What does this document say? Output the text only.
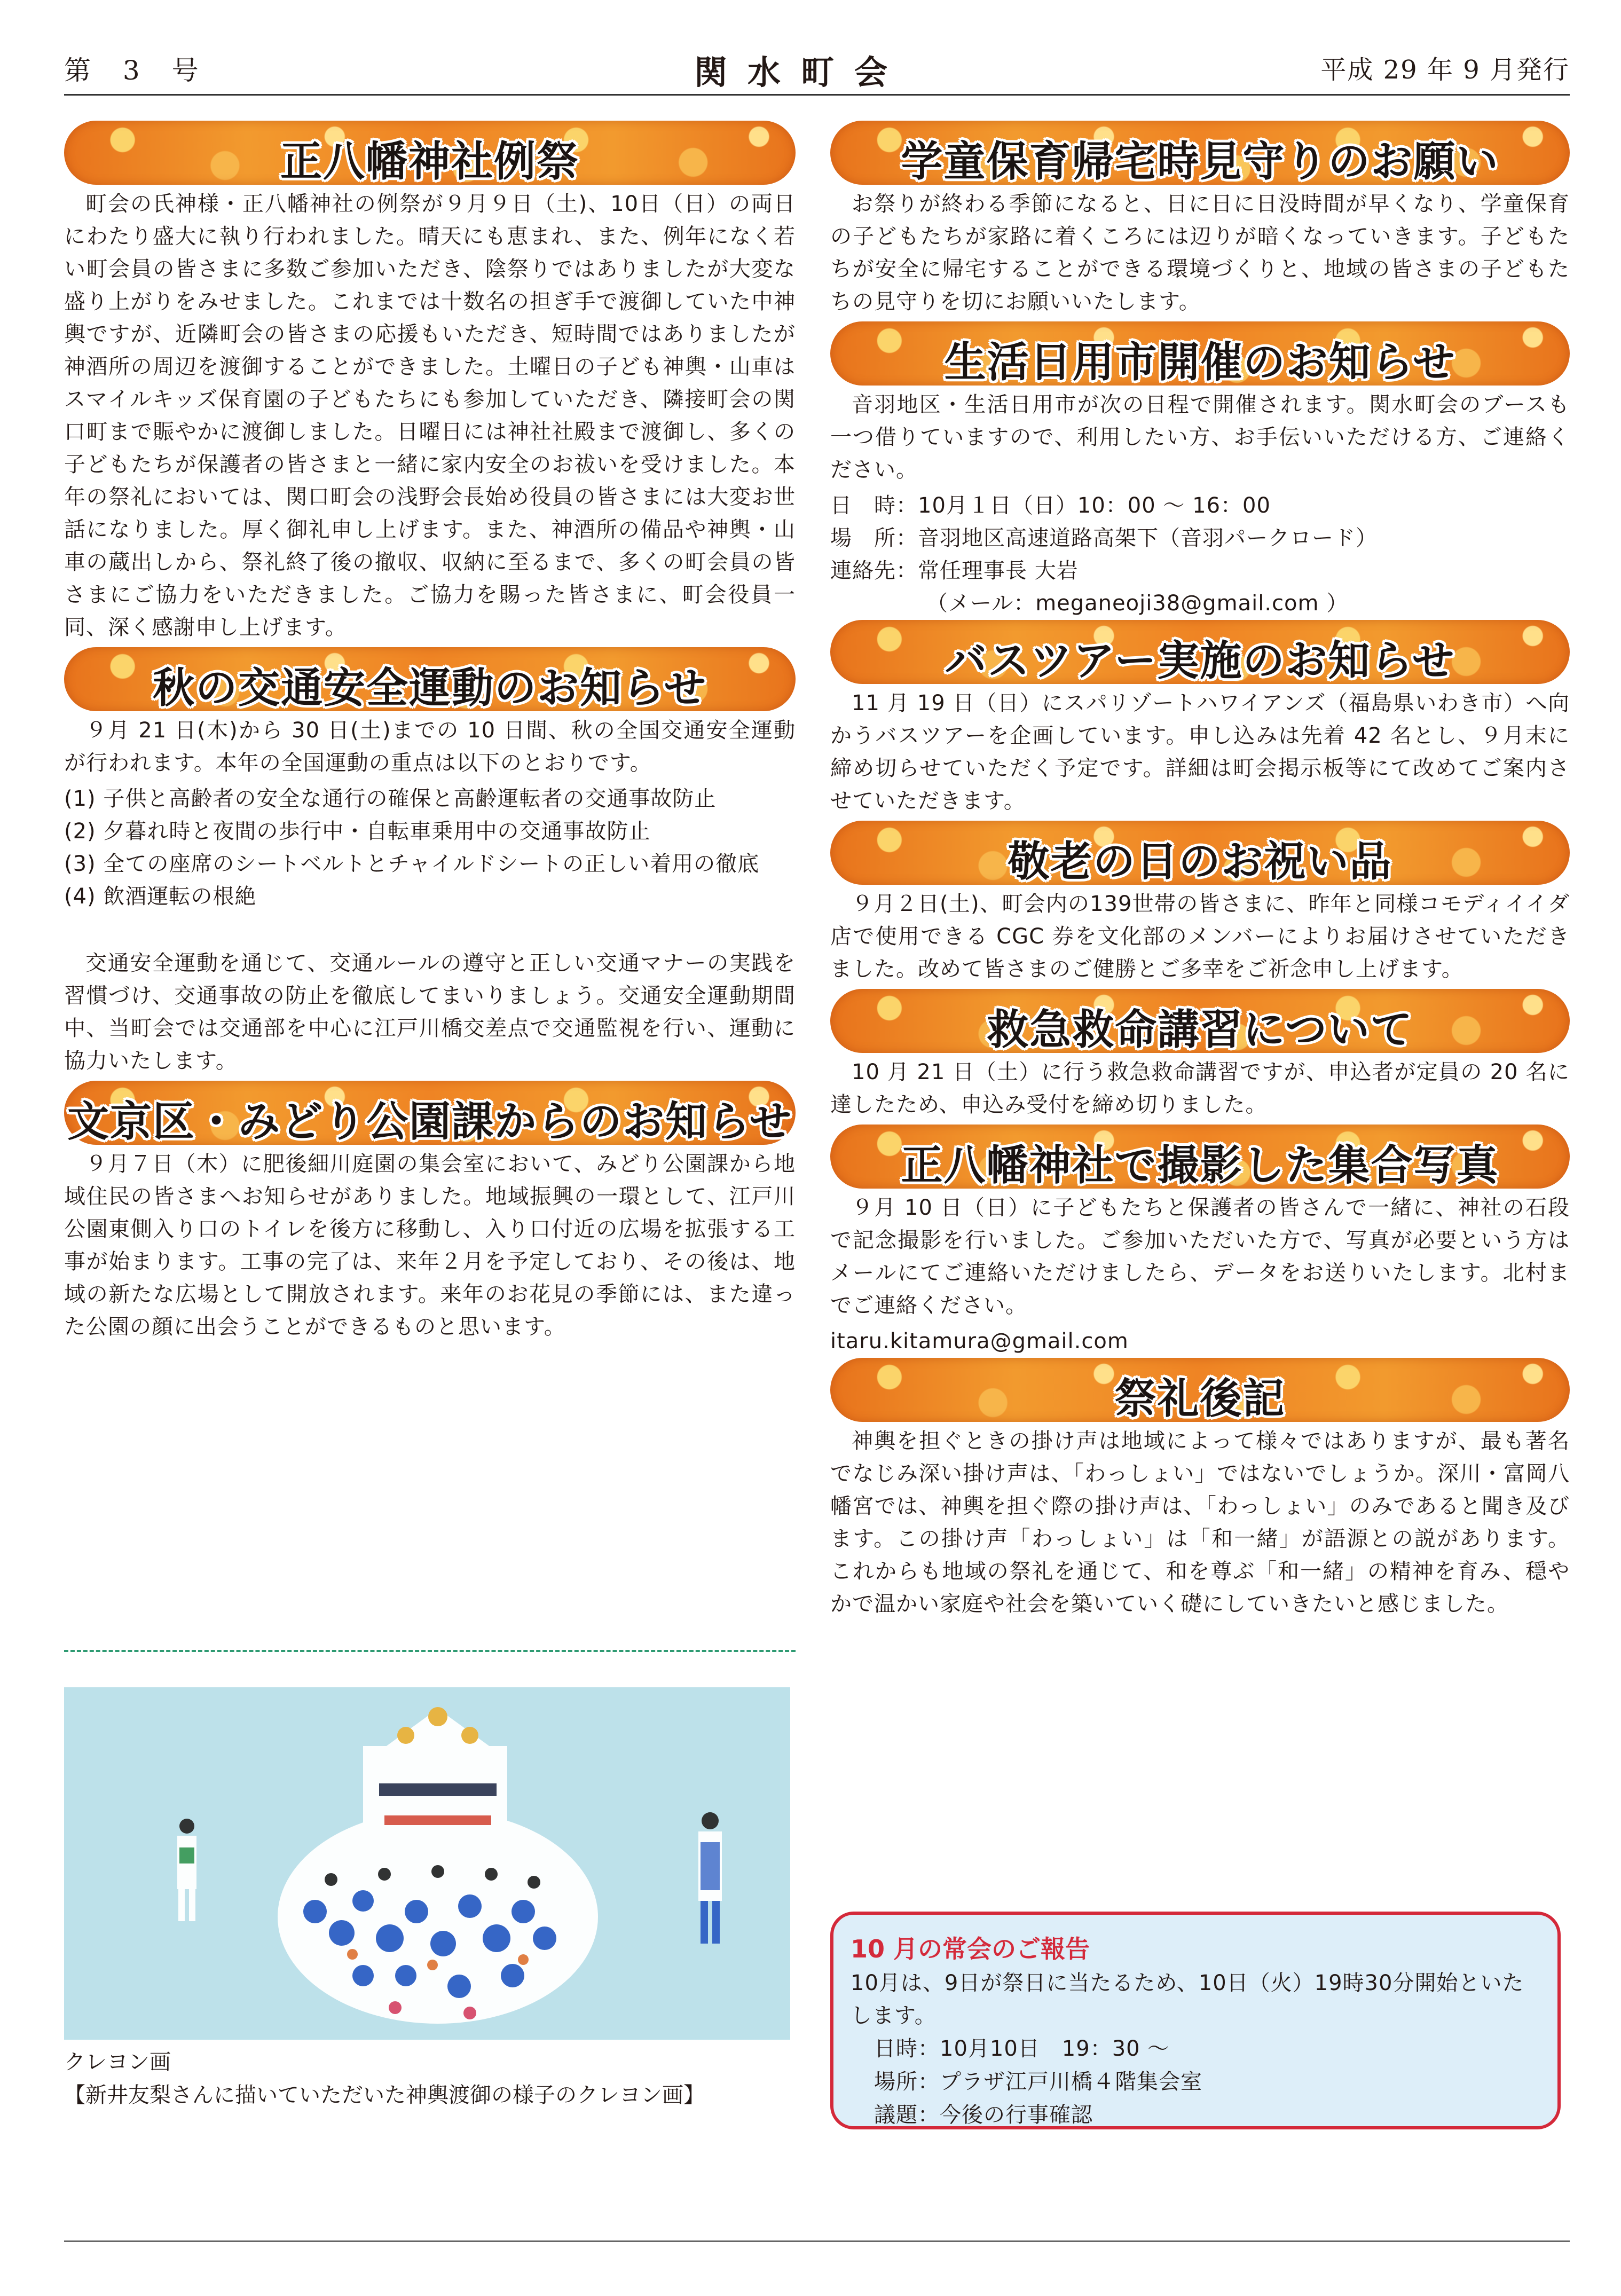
第 3 号	関水町会	平成 29 年 9 月発行
正八幡神社例祭

町会の氏神様・正八幡神社の例祭が９月９日（土)、10日（日）の両日にわたり盛大に執り行われました。晴天にも恵まれ、また、例年になく若い町会員の皆さまに多数ご参加いただき、陰祭りではありましたが大変な盛り上がりをみせました。これまでは十数名の担ぎ手で渡御していた中神輿ですが、近隣町会の皆さまの応援もいただき、短時間ではありましたが神酒所の周辺を渡御することができました。土曜日の子ども神輿・山車はスマイルキッズ保育園の子どもたちにも参加していただき、隣接町会の関口町まで賑やかに渡御しました。日曜日には神社社殿まで渡御し、多くの子どもたちが保護者の皆さまと一緒に家内安全のお祓いを受けました。本年の祭礼においては、関口町会の浅野会長始め役員の皆さまには大変お世話になりました。厚く御礼申し上げます。また、神酒所の備品や神輿・山車の蔵出しから、祭礼終了後の撤収、収納に至るまで、多くの町会員の皆さまにご協力をいただきました。ご協力を賜った皆さまに、町会役員一同、深く感謝申し上げます。

秋の交通安全運動のお知らせ

９月 21 日(木)から 30 日(土)までの 10 日間、秋の全国交通安全運動が行われます。本年の全国運動の重点は以下のとおりです。

(1) 子供と高齢者の安全な通行の確保と高齢運転者の交通事故防止
(2) 夕暮れ時と夜間の歩行中・自転車乗用中の交通事故防止
(3) 全ての座席のシートベルトとチャイルドシートの正しい着用の徹底
(4) 飲酒運転の根絶

交通安全運動を通じて、交通ルールの遵守と正しい交通マナーの実践を習慣づけ、交通事故の防止を徹底してまいりましょう。交通安全運動期間中、当町会では交通部を中心に江戸川橋交差点で交通監視を行い、運動に協力いたします。

文京区・みどり公園課からのお知らせ

９月７日（木）に肥後細川庭園の集会室において、みどり公園課から地域住民の皆さまへお知らせがありました。地域振興の一環として、江戸川公園東側入り口のトイレを後方に移動し、入り口付近の広場を拡張する工事が始まります。工事の完了は、来年２月を予定しており、その後は、地域の新たな広場として開放されます。来年のお花見の季節には、また違った公園の顔に出会うことができるものと思います。

クレヨン画
【新井友梨さんに描いていただいた神輿渡御の様子のクレヨン画】
学童保育帰宅時見守りのお願い

お祭りが終わる季節になると、日に日に日没時間が早くなり、学童保育の子どもたちが家路に着くころには辺りが暗くなっていきます。子どもたちが安全に帰宅することができる環境づくりと、地域の皆さまの子どもたちの見守りを切にお願いいたします。

生活日用市開催のお知らせ

音羽地区・生活日用市が次の日程で開催されます。関水町会のブースも一つ借りていますので、利用したい方、お手伝いいただける方、ご連絡ください。

日　時：10月１日（日）10：00 〜 16：00
場　所：音羽地区高速道路高架下（音羽パークロード）
連絡先：常任理事長 大岩
（メール：meganeoji38@gmail.com ）
バスツアー実施のお知らせ

11 月 19 日（日）にスパリゾートハワイアンズ（福島県いわき市）へ向かうバスツアーを企画しています。申し込みは先着 42 名とし、９月末に締め切らせていただく予定です。詳細は町会掲示板等にて改めてご案内させていただきます。

敬老の日のお祝い品

９月２日(土)、町会内の139世帯の皆さまに、昨年と同様コモディイイダ店で使用できる CGC 券を文化部のメンバーによりお届けさせていただきました。改めて皆さまのご健勝とご多幸をご祈念申し上げます。

救急救命講習について

10 月 21 日（土）に行う救急救命講習ですが、申込者が定員の 20 名に達したため、申込み受付を締め切りました。

正八幡神社で撮影した集合写真

９月 10 日（日）に子どもたちと保護者の皆さんで一緒に、神社の石段で記念撮影を行いました。ご参加いただいた方で、写真が必要という方はメールにてご連絡いただけましたら、データをお送りいたします。北村までご連絡ください。

itaru.kitamura@gmail.com
祭礼後記

神輿を担ぐときの掛け声は地域によって様々ではありますが、最も著名でなじみ深い掛け声は、「わっしょい」ではないでしょうか。深川・富岡八幡宮では、神輿を担ぐ際の掛け声は、「わっしょい」のみであると聞き及びます。この掛け声「わっしょい」は「和一緒」が語源との説があります。これからも地域の祭礼を通じて、和を尊ぶ「和一緒」の精神を育み、穏やかで温かい家庭や社会を築いていく礎にしていきたいと感じました。

10 月の常会のご報告
10月は、9日が祭日に当たるため、10日（火）19時30分開始といたします。
日時：10月10日　19：30 〜
場所：プラザ江戸川橋４階集会室
議題：今後の行事確認
